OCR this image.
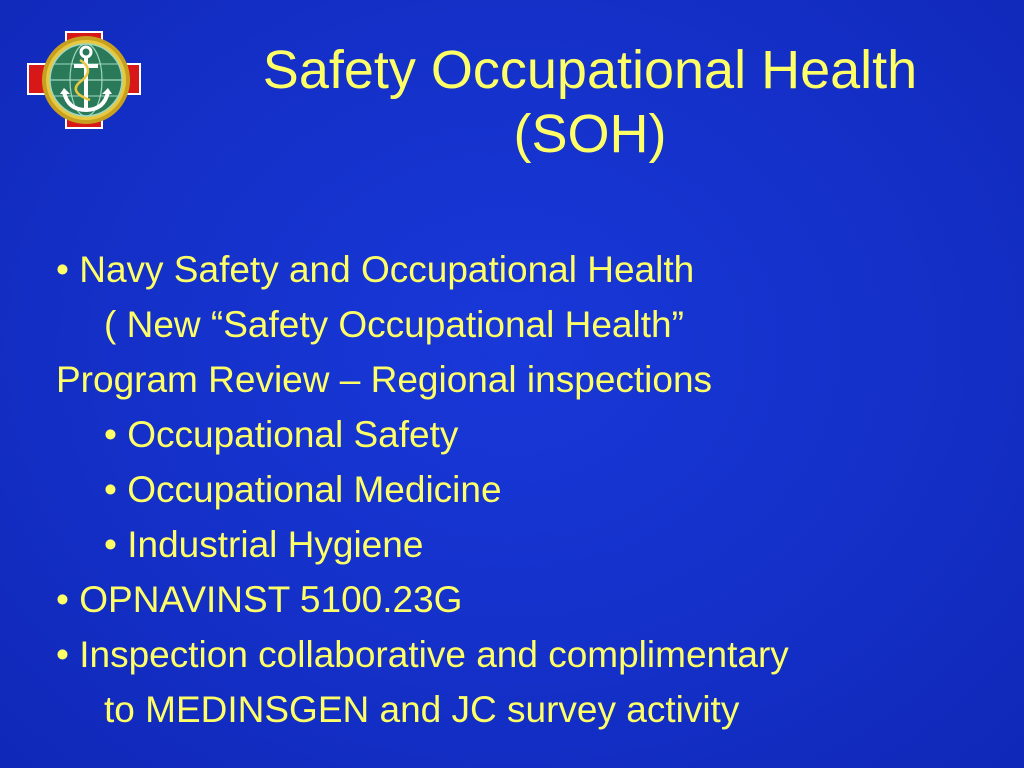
Safety Occupational Health
(SOH)
• Navy Safety and Occupational Health
( New “Safety Occupational Health”
Program Review – Regional inspections
• Occupational Safety
• Occupational Medicine
• Industrial Hygiene
• OPNAVINST 5100.23G
• Inspection collaborative and complimentary
to MEDINSGEN and JC survey activity
